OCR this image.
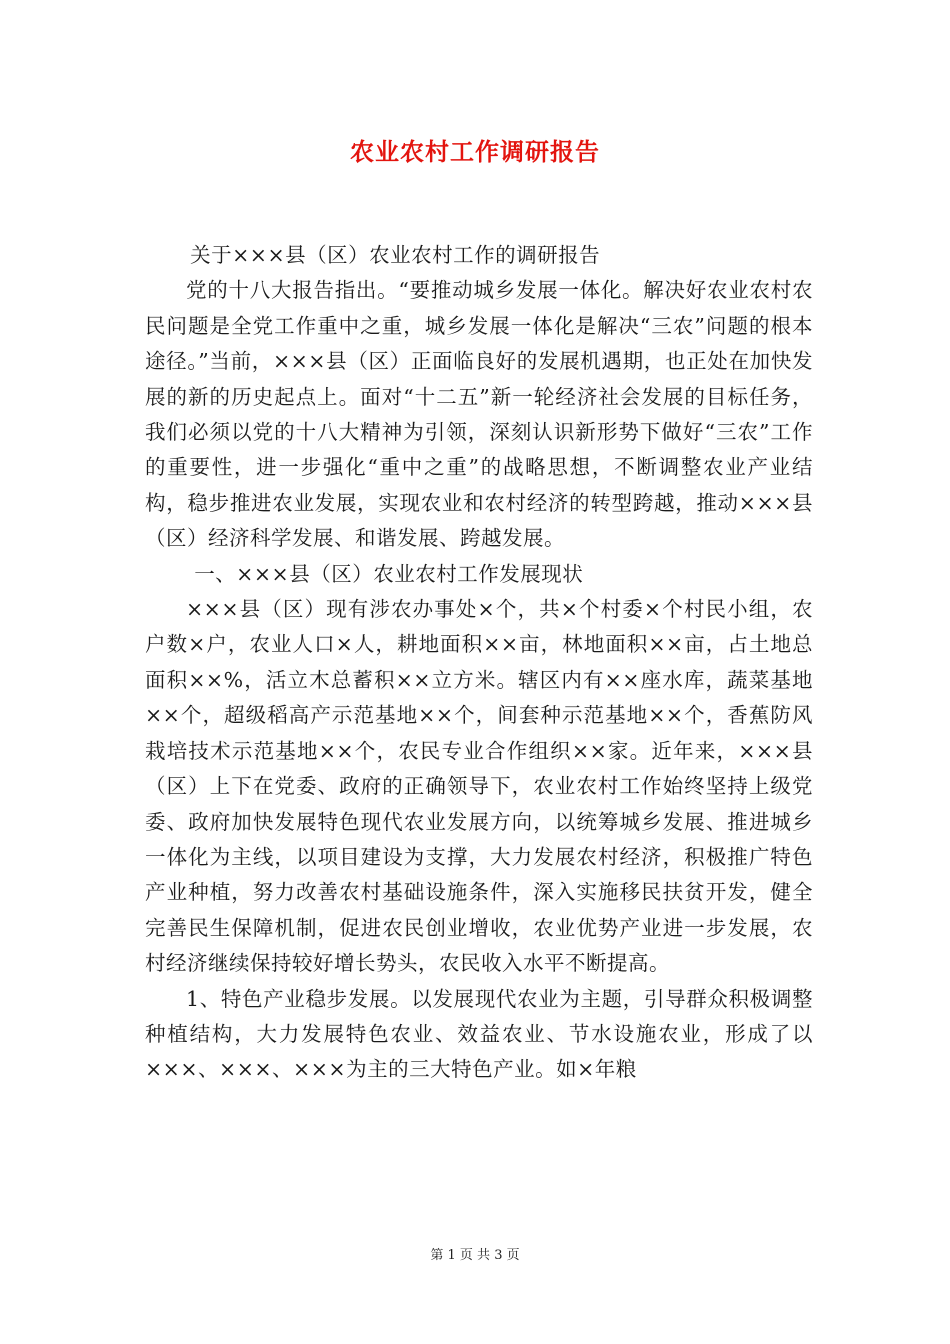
农业农村工作调研报告

关于×××县（区）农业农村工作的调研报告

党的十八大报告指出。“要推动城乡发展一体化。解决好农业农村农民问题是全党工作重中之重，城乡发展一体化是解决“三农”问题的根本途径。”当前，×××县（区）正面临良好的发展机遇期，也正处在加快发展的新的历史起点上。面对“十二五”新一轮经济社会发展的目标任务，我们必须以党的十八大精神为引领，深刻认识新形势下做好“三农”工作的重要性，进一步强化“重中之重”的战略思想，不断调整农业产业结构，稳步推进农业发展，实现农业和农村经济的转型跨越，推动×××县（区）经济科学发展、和谐发展、跨越发展。

一、×××县（区）农业农村工作发展现状

×××县（区）现有涉农办事处×个，共×个村委×个村民小组，农户数×户，农业人口×人，耕地面积××亩，林地面积××亩，占土地总面积××%，活立木总蓄积××立方米。辖区内有××座水库，蔬菜基地××个，超级稻高产示范基地××个，间套种示范基地××个，香蕉防风栽培技术示范基地××个，农民专业合作组织××家。近年来，×××县（区）上下在党委、政府的正确领导下，农业农村工作始终坚持上级党委、政府加快发展特色现代农业发展方向，以统筹城乡发展、推进城乡一体化为主线，以项目建设为支撑，大力发展农村经济，积极推广特色产业种植，努力改善农村基础设施条件，深入实施移民扶贫开发，健全完善民生保障机制，促进农民创业增收，农业优势产业进一步发展，农村经济继续保持较好增长势头，农民收入水平不断提高。

1、特色产业稳步发展。以发展现代农业为主题，引导群众积极调整种植结构，大力发展特色农业、效益农业、节水设施农业，形成了以×××、×××、×××为主的三大特色产业。如×年粮

第 1 页 共 3 页
